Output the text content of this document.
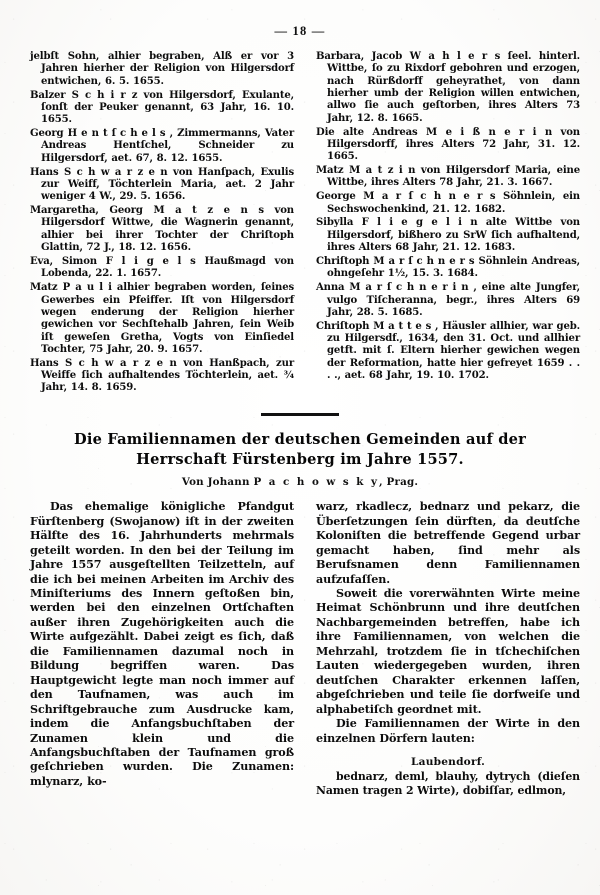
— 18 —

jelbſt Sohn, alhier begraben, Alß er vor 3 Jahren hierher der Religion von Hilgersdorf entwichen, 6. 5. 1655.

Balzer S c h i r z von Hilgersdorf, Exulante, ſonſt der Peuker genannt, 63 Jahr, 16. 10. 1655.

Georg H e n t ſ c h e l s , Zimmermanns, Vater Andreas Hentſchel, Schneider zu Hilgersdorf, aet. 67, 8. 12. 1655.

Hans S c h w a r z e n von Hanſpach, Exulis zur Weiff, Töchterlein Maria, aet. 2 Jahr weniger 4 W., 29. 5. 1656.

Margaretha, Georg M a t z e n s von Hilgersdorf Wittwe, die Wagnerin genannt, alhier bei ihrer Tochter der Chriſtoph Glattin, 72 J., 18. 12. 1656.

Eva, Simon F l i g e l s Haußmagd von Lobenda, 22. 1. 1657.

Matz P a u l i alhier begraben worden, ſeines Gewerbes ein Pfeiffer. Iſt von Hilgersdorf wegen enderung der Religion hierher gewichen vor Sechſtehalb Jahren, ſein Weib iſt geweſen Gretha, Vogts von Einſiedel Tochter, 75 Jahr, 20. 9. 1657.

Hans S c h w a r z e n von Hanßpach, zur Weiffe ſich aufhaltendes Töchterlein, aet. ¾ Jahr, 14. 8. 1659.

Barbara, Jacob W a h l e r s ſeel. hinterl. Wittbe, ſo zu Rixdorf gebohren und erzogen, nach Rürßdorff geheyrathet, von dann hierher umb der Religion willen entwichen, allwo ſie auch geſtorben, ihres Alters 73 Jahr, 12. 8. 1665.

Die alte Andreas M e i ß n e r i n von Hilgersdorff, ihres Alters 72 Jahr, 31. 12. 1665.

Matz M a t z i n von Hilgersdorf Maria, eine Wittbe, ihres Alters 78 Jahr, 21. 3. 1667.

George M a r ſ c h n e r s Söhnlein, ein Sechswochenkind, 21. 12. 1682.

Sibylla F l i e g e l i n alte Wittbe von Hilgersdorf, bißhero zu SrW ſich aufhaltend, ihres Alters 68 Jahr, 21. 12. 1683.

Chriſtoph M a r ſ c h n e r s Söhnlein Andreas, ohngeſehr 1½, 15. 3. 1684.

Anna M a r ſ c h n e r i n , eine alte Jungfer, vulgo Tiſcheranna, begr., ihres Alters 69 Jahr, 28. 5. 1685.

Chriſtoph M a t t e s , Häusler allhier, war geb. zu Hilgersdf., 1634, den 31. Oct. und allhier getft. mit ſ. Eltern hierher gewichen wegen der Reformation, hatte hier gefreyet 1659 . . . ., aet. 68 Jahr, 19. 10. 1702.

Die Familiennamen der deutschen Gemeinden auf der
Herrschaft Fürstenberg im Jahre 1557.

Von Johann P a c h o w s k y, Prag.

Das ehemalige königliche Pfandgut Fürſtenberg (Swojanow) iſt in der zweiten Hälfte des 16. Jahrhunderts mehrmals geteilt worden. In den bei der Teilung im Jahre 1557 ausgeſtellten Teilzetteln, auf die ich bei meinen Arbeiten im Archiv des Miniſteriums des Innern geſtoßen bin, werden bei den einzelnen Ortſchaften außer ihren Zugehörigkeiten auch die Wirte aufgezählt. Dabei zeigt es ſich, daß die Familiennamen dazumal noch in Bildung begriffen waren. Das Hauptgewicht legte man noch immer auf den Taufnamen, was auch im Schriftgebrauche zum Ausdrucke kam, indem die Anfangsbuchſtaben der Zunamen klein und die Anfangsbuchſtaben der Taufnamen groß geſchrieben wurden. Die Zunamen: mlynarz, ko-

warz, rkadlecz, bednarz und pekarz, die Überſetzungen ſein dürften, da deutſche Koloniſten die betreffende Gegend urbar gemacht haben, ſind mehr als Berufsnamen denn Familiennamen aufzufaſſen.

Soweit die vorerwähnten Wirte meine Heimat Schönbrunn und ihre deutſchen Nachbargemeinden betreffen, habe ich ihre Familiennamen, von welchen die Mehrzahl, trotzdem ſie in tſchechiſchen Lauten wiedergegeben wurden, ihren deutſchen Charakter erkennen laſſen, abgeſchrieben und teile ſie dorfweiſe und alphabetiſch geordnet mit.

Die Familiennamen der Wirte in den einzelnen Dörfern lauten:

Laubendorf.

bednarz, deml, blauhy, dytrych (dieſen Namen tragen 2 Wirte), dobiſſar, edlmon,
